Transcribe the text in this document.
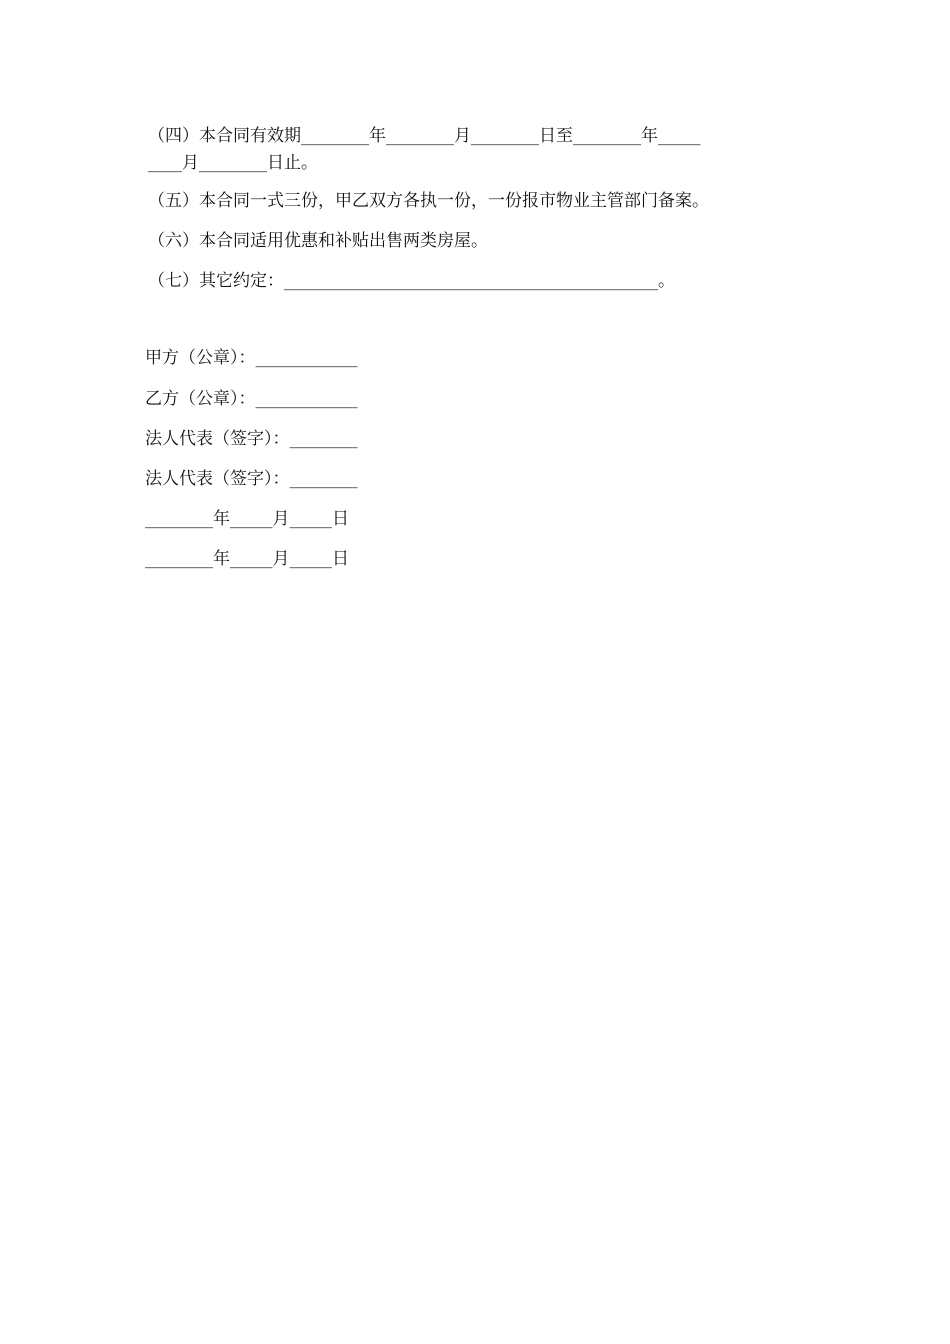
（四）本合同有效期________年________月________日至________年_____
____月________日止。
（五）本合同一式三份，甲乙双方各执一份，一份报市物业主管部门备案。
（六）本合同适用优惠和补贴出售两类房屋。
（七）其它约定：____________________________________________。
甲方（公章）：____________
乙方（公章）：____________
法人代表（签字）：________
法人代表（签字）：________
________年_____月_____日
________年_____月_____日
